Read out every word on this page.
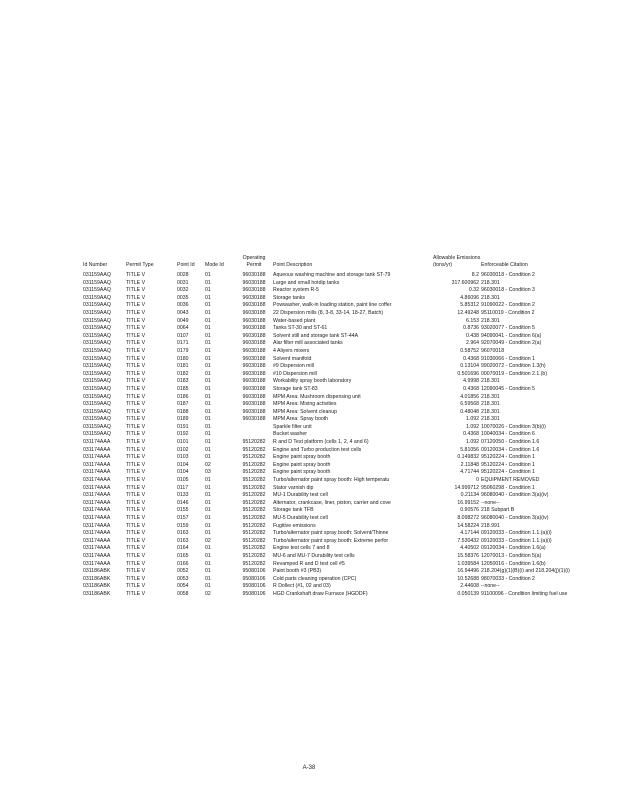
Id Number	Permit Type	Point Id	Mode Id	Operating Permit	Point Description	Allowable Emissions (tons/yr)	Enforceable Citation
031159AAQ	TITLE V	0028	01	96030188	Aqueous washing machine and storage tank ST-79	8.2	96030018 - Condition 2
031159AAQ	TITLE V	0031	01	96030188	Large and small hotdip tanks	317.600962	218.301
031159AAQ	TITLE V	0032	01	96030188	Reactor system R-5	0.32	96030018 - Condition 3
031159AAQ	TITLE V	0035	01	96030188	Storage tanks	4.86096	218.301
031159AAQ	TITLE V	0036	01	96030188	Powwasher, walk-in loading station, paint line coffer	5.85312	91090022 - Condition 2
031159AAQ	TITLE V	0043	01	96030188	22 Dispersion mills (8, 3-8, 33-14, 18-27, Batch)	12.49248	95110019 - Condition 2
031159AAQ	TITLE V	0049	01	96030188	Water-based plant	6.153	218.301
031159AAQ	TITLE V	0064	01	96030188	Tanks ST-30 and ST-61	0.8736	93020077 - Condition 5
031159AAQ	TITLE V	0107	01	96030188	Solvent still and storage tank ST-44A	0.438	94090041 - Condition 6(a)
031159AAQ	TITLE V	0171	01	96030188	Alar filter mill associated tanks	2.964	92070049 - Condition 2(a)
031159AAQ	TITLE V	0179	01	96030188	4 Aliyers mixers	0.58752	96070018
031159AAQ	TITLE V	0180	01	96030188	Solvent manifold	0.4368	91030066 - Condition 1
031159AAQ	TITLE V	0181	01	96030188	#9 Dispersion mill	0.13104	99020072 - Condition 1.3(h)
031159AAQ	TITLE V	0182	01	96030188	#10 Dispersion mill	0.501696	00070019 - Condition 2.1.(b)
031159AAQ	TITLE V	0183	01	96030188	Workability spray booth laboratory	4.9998	218.301
031159AAQ	TITLE V	0185	01	96030188	Storage tank ST-83	0.4368	12090045 - Condition 5
031159AAQ	TITLE V	0186	01	96030188	MPM Area: Mushroom dispensing unit	4.01856	218.301
031159AAQ	TITLE V	0187	01	96030188	MPM Area: Mixing activities	6.59568	218.301
031159AAQ	TITLE V	0188	01	96030188	MPM Area: Solvent cleanup	0.48048	218.301
031159AAQ	TITLE V	0189	01	96030188	MPM Area: Spray booth	1.092	218.301
031159AAQ	TITLE V	0191	01		Sparkle filter unit	1.092	10070026 - Condition 3(b)(i)
031159AAQ	TITLE V	0192	01		Bucket washer	0.4368	10040034 - Condition 6
031174AAA	TITLE V	0101	01	95120282	R and D Test platform (cells 1, 2, 4 and 6)	1.092	07120050 - Condition 1.6
031174AAA	TITLE V	0102	01	95120282	Engine and Turbo production test cells	5.81056	09120034 - Condition 1.6
031174AAA	TITLE V	0103	01	95120282	Engine paint spray booth	0.149832	95120224 - Condition 1
031174AAA	TITLE V	0104	02	95120282	Engine paint spray booth	2.11848	95120224 - Condition 1
031174AAA	TITLE V	0104	03	95120282	Engine paint spray booth	4.71744	95120224 - Condition 1
031174AAA	TITLE V	0105	01	95120282	Turbo/alternator paint spray booth: High temperatu	0	EQUIPMENT REMOVED
031174AAA	TITLE V	0117	01	95120282	Stator varnish dip	14.999712	95060298 - Condition 1
031174AAA	TITLE V	0133	01	95120282	MU-1 Durability test cell	0.21134	96080040 - Condition 3(a)(iv)
031174AAA	TITLE V	0146	01	95120282	Alternator, crankcase, liner, piston, carrier and cove	16.99152	--none--
031174AAA	TITLE V	0155	01	95120282	Storage tank TFB	0.90576	218 Subpart B
031174AAA	TITLE V	0157	01	95120282	MU-5 Durability test cell	8.098272	96080040 - Condition 3(a)(iv)
031174AAA	TITLE V	0159	01	95120282	Fugitive emissions	14.58224	218.991
031174AAA	TITLE V	0163	01	95120282	Turbo/alternator paint spray booth: Solvent/Thinne	4.17144	09120033 - Condition 1.1.(a)(i)
031174AAA	TITLE V	0163	02	95120282	Turbo/alternator paint spray booth: Extreme perfor	7.530432	09120033 - Condition 1.1.(a)(i)
031174AAA	TITLE V	0164	01	95120282	Engine test cells 7 and 8	4.40502	09120034 - Condition 1.6(a)
031174AAA	TITLE V	0165	01	95120282	MU-6 and MU-7 Durability test cells	15.58376	12070013 - Condition 5(a)
031174AAA	TITLE V	0166	01	95120282	Revamped R and D test cell #5	1.039584	12050016 - Condition 1.6(b)
031186ABK	TITLE V	0052	01	95080106	Paint booth #3 (PB3)	16.94496	218.204(g)(1)(B)(i) and 218.204(j)(1)(i)
031186ABK	TITLE V	0053	01	95080106	Cold parts cleaning operation (CPC)	10.52688	98070033 - Condition 2
031186ABK	TITLE V	0054	01	95080106	R Dollect (#1, 02 and 03)	2.44608	--none--
031186ABK	TITLE V	0058	02	95080106	HGD Crankshaft draw Furnace (HGDDF)	0.050139	91100096 - Condition limiting fuel use
A-38
